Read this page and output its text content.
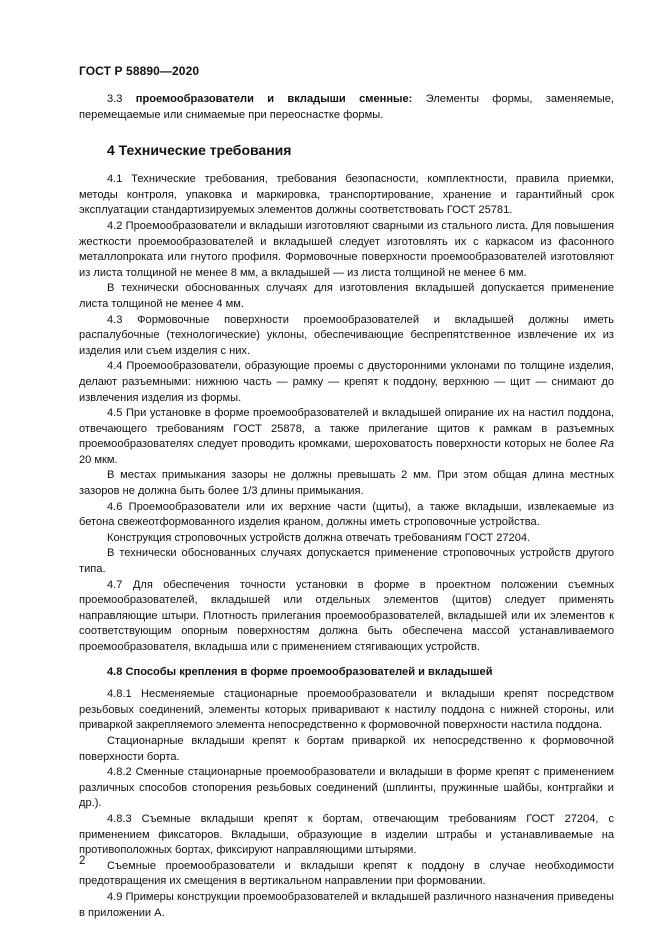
ГОСТ Р 58890—2020

3.3 проемообразователи и вкладыши сменные: Элементы формы, заменяемые, перемещаемые или снимаемые при переоснастке формы.

4 Технические требования

4.1 Технические требования, требования безопасности, комплектности, правила приемки, методы контроля, упаковка и маркировка, транспортирование, хранение и гарантийный срок эксплуатации стандартизируемых элементов должны соответствовать ГОСТ 25781.

4.2 Проемообразователи и вкладыши изготовляют сварными из стального листа. Для повышения жесткости проемообразователей и вкладышей следует изготовлять их с каркасом из фасонного металлопроката или гнутого профиля. Формовочные поверхности проемообразователей изготовляют из листа толщиной не менее 8 мм, а вкладышей — из листа толщиной не менее 6 мм.

В технически обоснованных случаях для изготовления вкладышей допускается применение листа толщиной не менее 4 мм.

4.3 Формовочные поверхности проемообразователей и вкладышей должны иметь распалубочные (технологические) уклоны, обеспечивающие беспрепятственное извлечение их из изделия или съем изделия с них.

4.4 Проемообразователи, образующие проемы с двусторонними уклонами по толщине изделия, делают разъемными: нижнюю часть — рамку — крепят к поддону, верхнюю — щит — снимают до извлечения изделия из формы.

4.5 При установке в форме проемообразователей и вкладышей опирание их на настил поддона, отвечающего требованиям ГОСТ 25878, а также прилегание щитов к рамкам в разъемных проемообразователях следует проводить кромками, шероховатость поверхности которых не более Ra 20 мкм.

В местах примыкания зазоры не должны превышать 2 мм. При этом общая длина местных зазоров не должна быть более 1/3 длины примыкания.

4.6 Проемообразователи или их верхние части (щиты), а также вкладыши, извлекаемые из бетона свежеотформованного изделия краном, должны иметь строповочные устройства.

Конструкция строповочных устройств должна отвечать требованиям ГОСТ 27204.

В технически обоснованных случаях допускается применение строповочных устройств другого типа.

4.7 Для обеспечения точности установки в форме в проектном положении съемных проемообразователей, вкладышей или отдельных элементов (щитов) следует применять направляющие штыри. Плотность прилегания проемообразователей, вкладышей или их элементов к соответствующим опорным поверхностям должна быть обеспечена массой устанавливаемого проемообразователя, вкладыша или с применением стягивающих устройств.

4.8 Способы крепления в форме проемообразователей и вкладышей

4.8.1 Несменяемые стационарные проемообразователи и вкладыши крепят посредством резьбовых соединений, элементы которых приваривают к настилу поддона с нижней стороны, или приваркой закрепляемого элемента непосредственно к формовочной поверхности настила поддона.

Стационарные вкладыши крепят к бортам приваркой их непосредственно к формовочной поверхности борта.

4.8.2 Сменные стационарные проемообразователи и вкладыши в форме крепят с применением различных способов стопорения резьбовых соединений (шплинты, пружинные шайбы, контргайки и др.).

4.8.3 Съемные вкладыши крепят к бортам, отвечающим требованиям ГОСТ 27204, с применением фиксаторов. Вкладыши, образующие в изделии штрабы и устанавливаемые на противоположных бортах, фиксируют направляющими штырями.

Съемные проемообразователи и вкладыши крепят к поддону в случае необходимости предотвращения их смещения в вертикальном направлении при формовании.

4.9 Примеры конструкции проемообразователей и вкладышей различного назначения приведены в приложении А.

2
